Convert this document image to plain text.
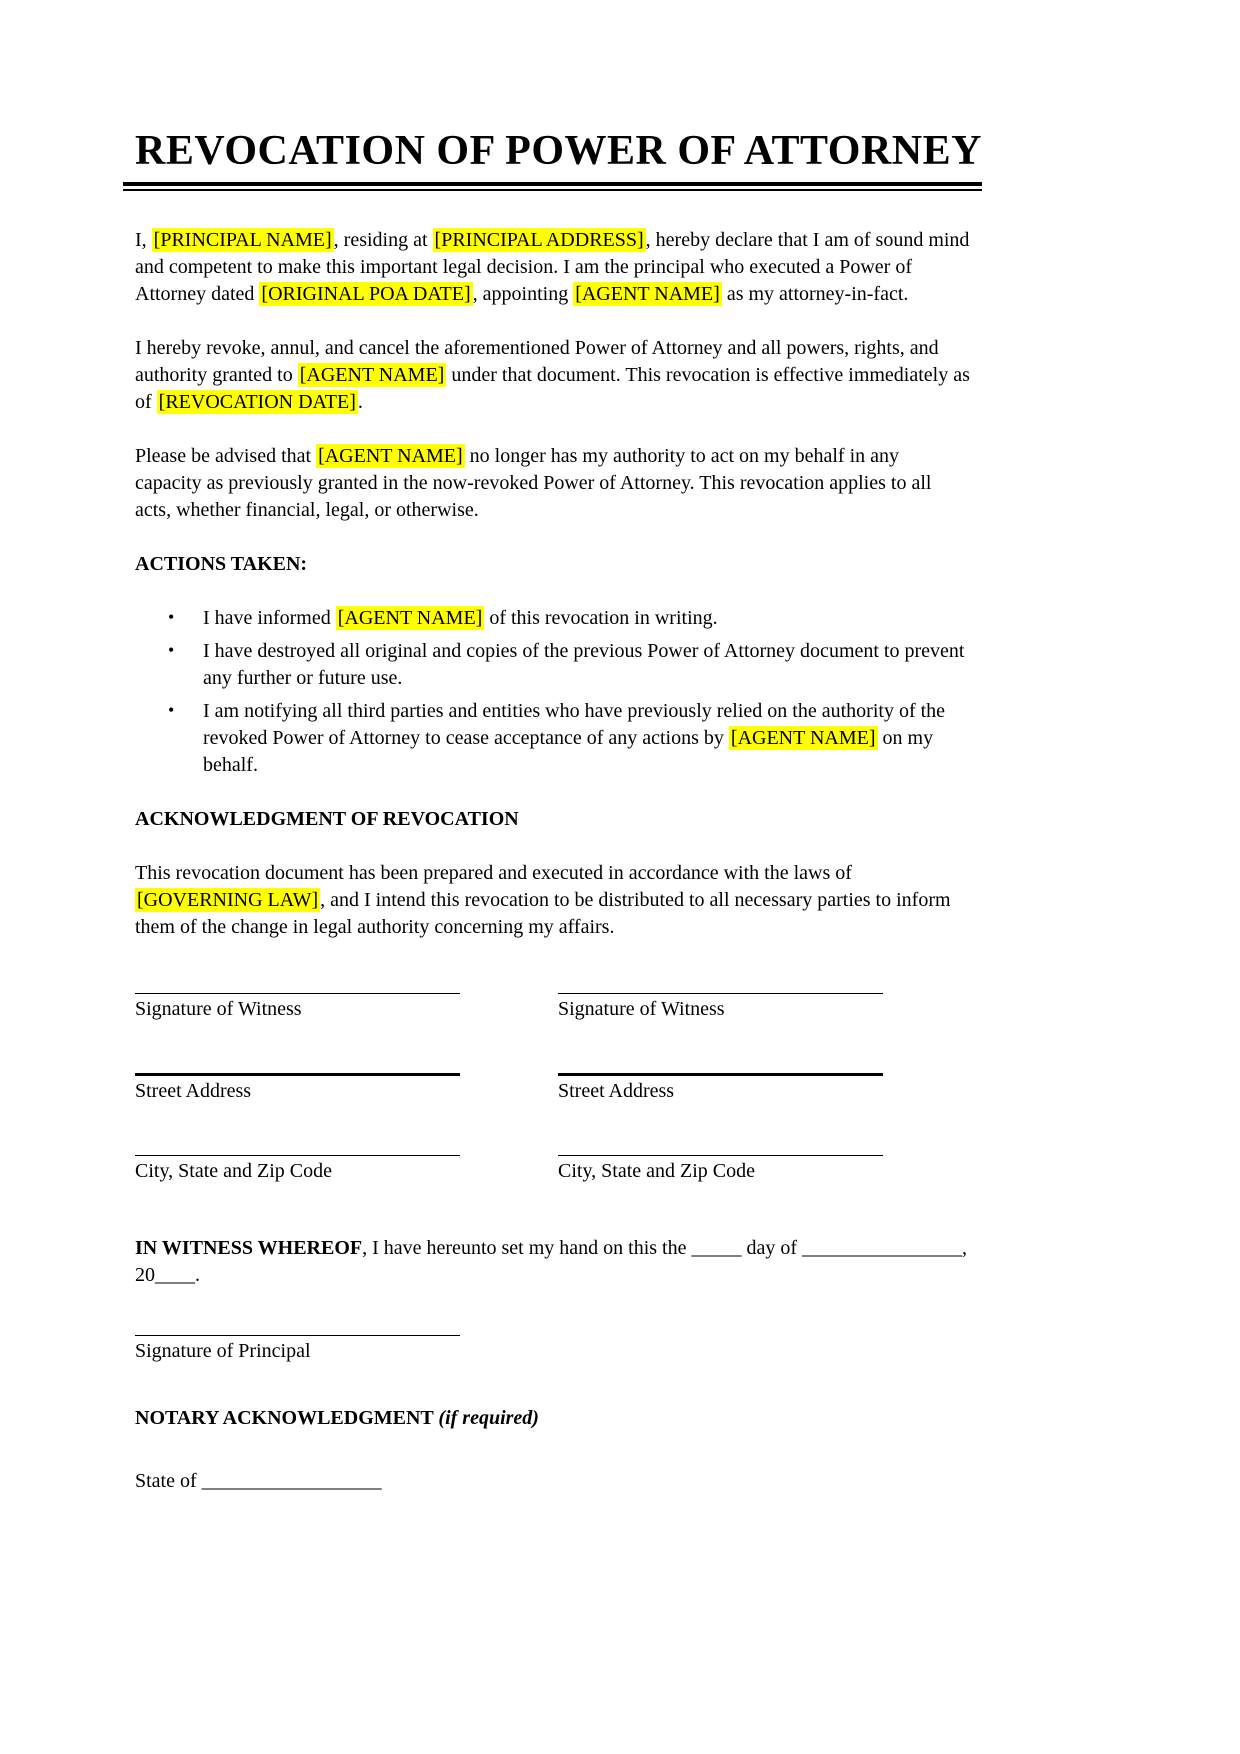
REVOCATION OF POWER OF ATTORNEY

I, [PRINCIPAL NAME] , residing at [PRINCIPAL ADDRESS] , hereby declare that I am of sound mind and competent to make this important legal decision. I am the principal who executed a Power of Attorney dated [ORIGINAL POA DATE] , appointing [AGENT NAME] as my attorney-in-fact.

I hereby revoke, annul, and cancel the aforementioned Power of Attorney and all powers, rights, and authority granted to [AGENT NAME] under that document. This revocation is effective immediately as of [REVOCATION DATE] .

Please be advised that [AGENT NAME] no longer has my authority to act on my behalf in any capacity as previously granted in the now-revoked Power of Attorney. This revocation applies to all acts, whether financial, legal, or otherwise.

ACTIONS TAKEN:
•	I have informed [AGENT NAME] of this revocation in writing.
•	I have destroyed all original and copies of the previous Power of Attorney document to prevent any further or future use.
•	I am notifying all third parties and entities who have previously relied on the authority of the revoked Power of Attorney to cease acceptance of any actions by [AGENT NAME] on my behalf.
ACKNOWLEDGMENT OF REVOCATION

This revocation document has been prepared and executed in accordance with the laws of [GOVERNING LAW] , and I intend this revocation to be distributed to all necessary parties to inform them of the change in legal authority concerning my affairs.

Signature of Witness	Signature of Witness
Street Address	Street Address
City, State and Zip Code	City, State and Zip Code

IN WITNESS WHEREOF, I have hereunto set my hand on this the _____ day of ________________, 20____.

Signature of Principal
NOTARY ACKNOWLEDGMENT (if required)

State of __________________
